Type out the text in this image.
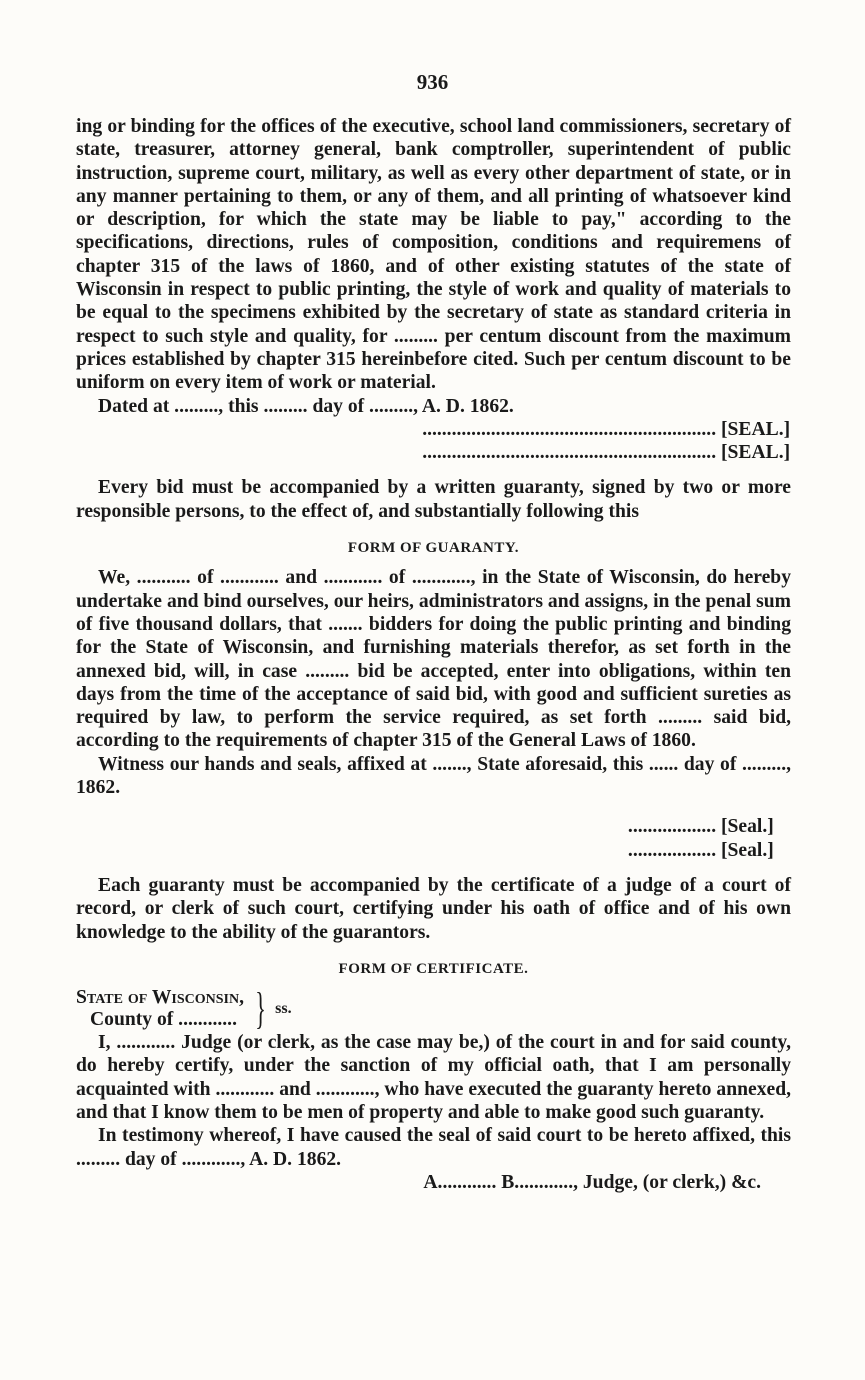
936

ing or binding for the offices of the executive, school land commissioners, secretary of state, treasurer, attorney general, bank comptroller, superintendent of public instruction, supreme court, military, as well as every other department of state, or in any manner pertaining to them, or any of them, and all printing of whatsoever kind or description, for which the state may be liable to pay," according to the specifications, directions, rules of composition, conditions and requiremens of chapter 315 of the laws of 1860, and of other existing statutes of the state of Wisconsin in respect to public printing, the style of work and quality of materials to be equal to the specimens exhibited by the secretary of state as standard criteria in respect to such style and quality, for ......... per centum discount from the maximum prices established by chapter 315 hereinbefore cited. Such per centum discount to be uniform on every item of work or material.

Dated at ........., this ......... day of ........., A. D. 1862.

............................................................ [SEAL.]
............................................................ [SEAL.]

Every bid must be accompanied by a written guaranty, signed by two or more responsible persons, to the effect of, and substantially following this

FORM OF GUARANTY.

We, ........... of ............ and ............ of ............, in the State of Wisconsin, do hereby undertake and bind ourselves, our heirs, administrators and assigns, in the penal sum of five thousand dollars, that ....... bidders for doing the public printing and binding for the State of Wisconsin, and furnishing materials therefor, as set forth in the annexed bid, will, in case ......... bid be accepted, enter into obligations, within ten days from the time of the acceptance of said bid, with good and sufficient sureties as required by law, to perform the service required, as set forth ......... said bid, according to the requirements of chapter 315 of the General Laws of 1860.

Witness our hands and seals, affixed at ......., State aforesaid, this ...... day of ........., 1862.

.................. [Seal.]
.................. [Seal.]

Each guaranty must be accompanied by the certificate of a judge of a court of record, or clerk of such court, certifying under his oath of office and of his own knowledge to the ability of the guarantors.

FORM OF CERTIFICATE.
State of Wisconsin,
County of ............ } ss.

I, ............ Judge (or clerk, as the case may be,) of the court in and for said county, do hereby certify, under the sanction of my official oath, that I am personally acquainted with ............ and ............, who have executed the guaranty hereto annexed, and that I know them to be men of property and able to make good such guaranty.

In testimony whereof, I have caused the seal of said court to be hereto affixed, this ......... day of ............, A. D. 1862.

A............ B............, Judge, (or clerk,) &c.
